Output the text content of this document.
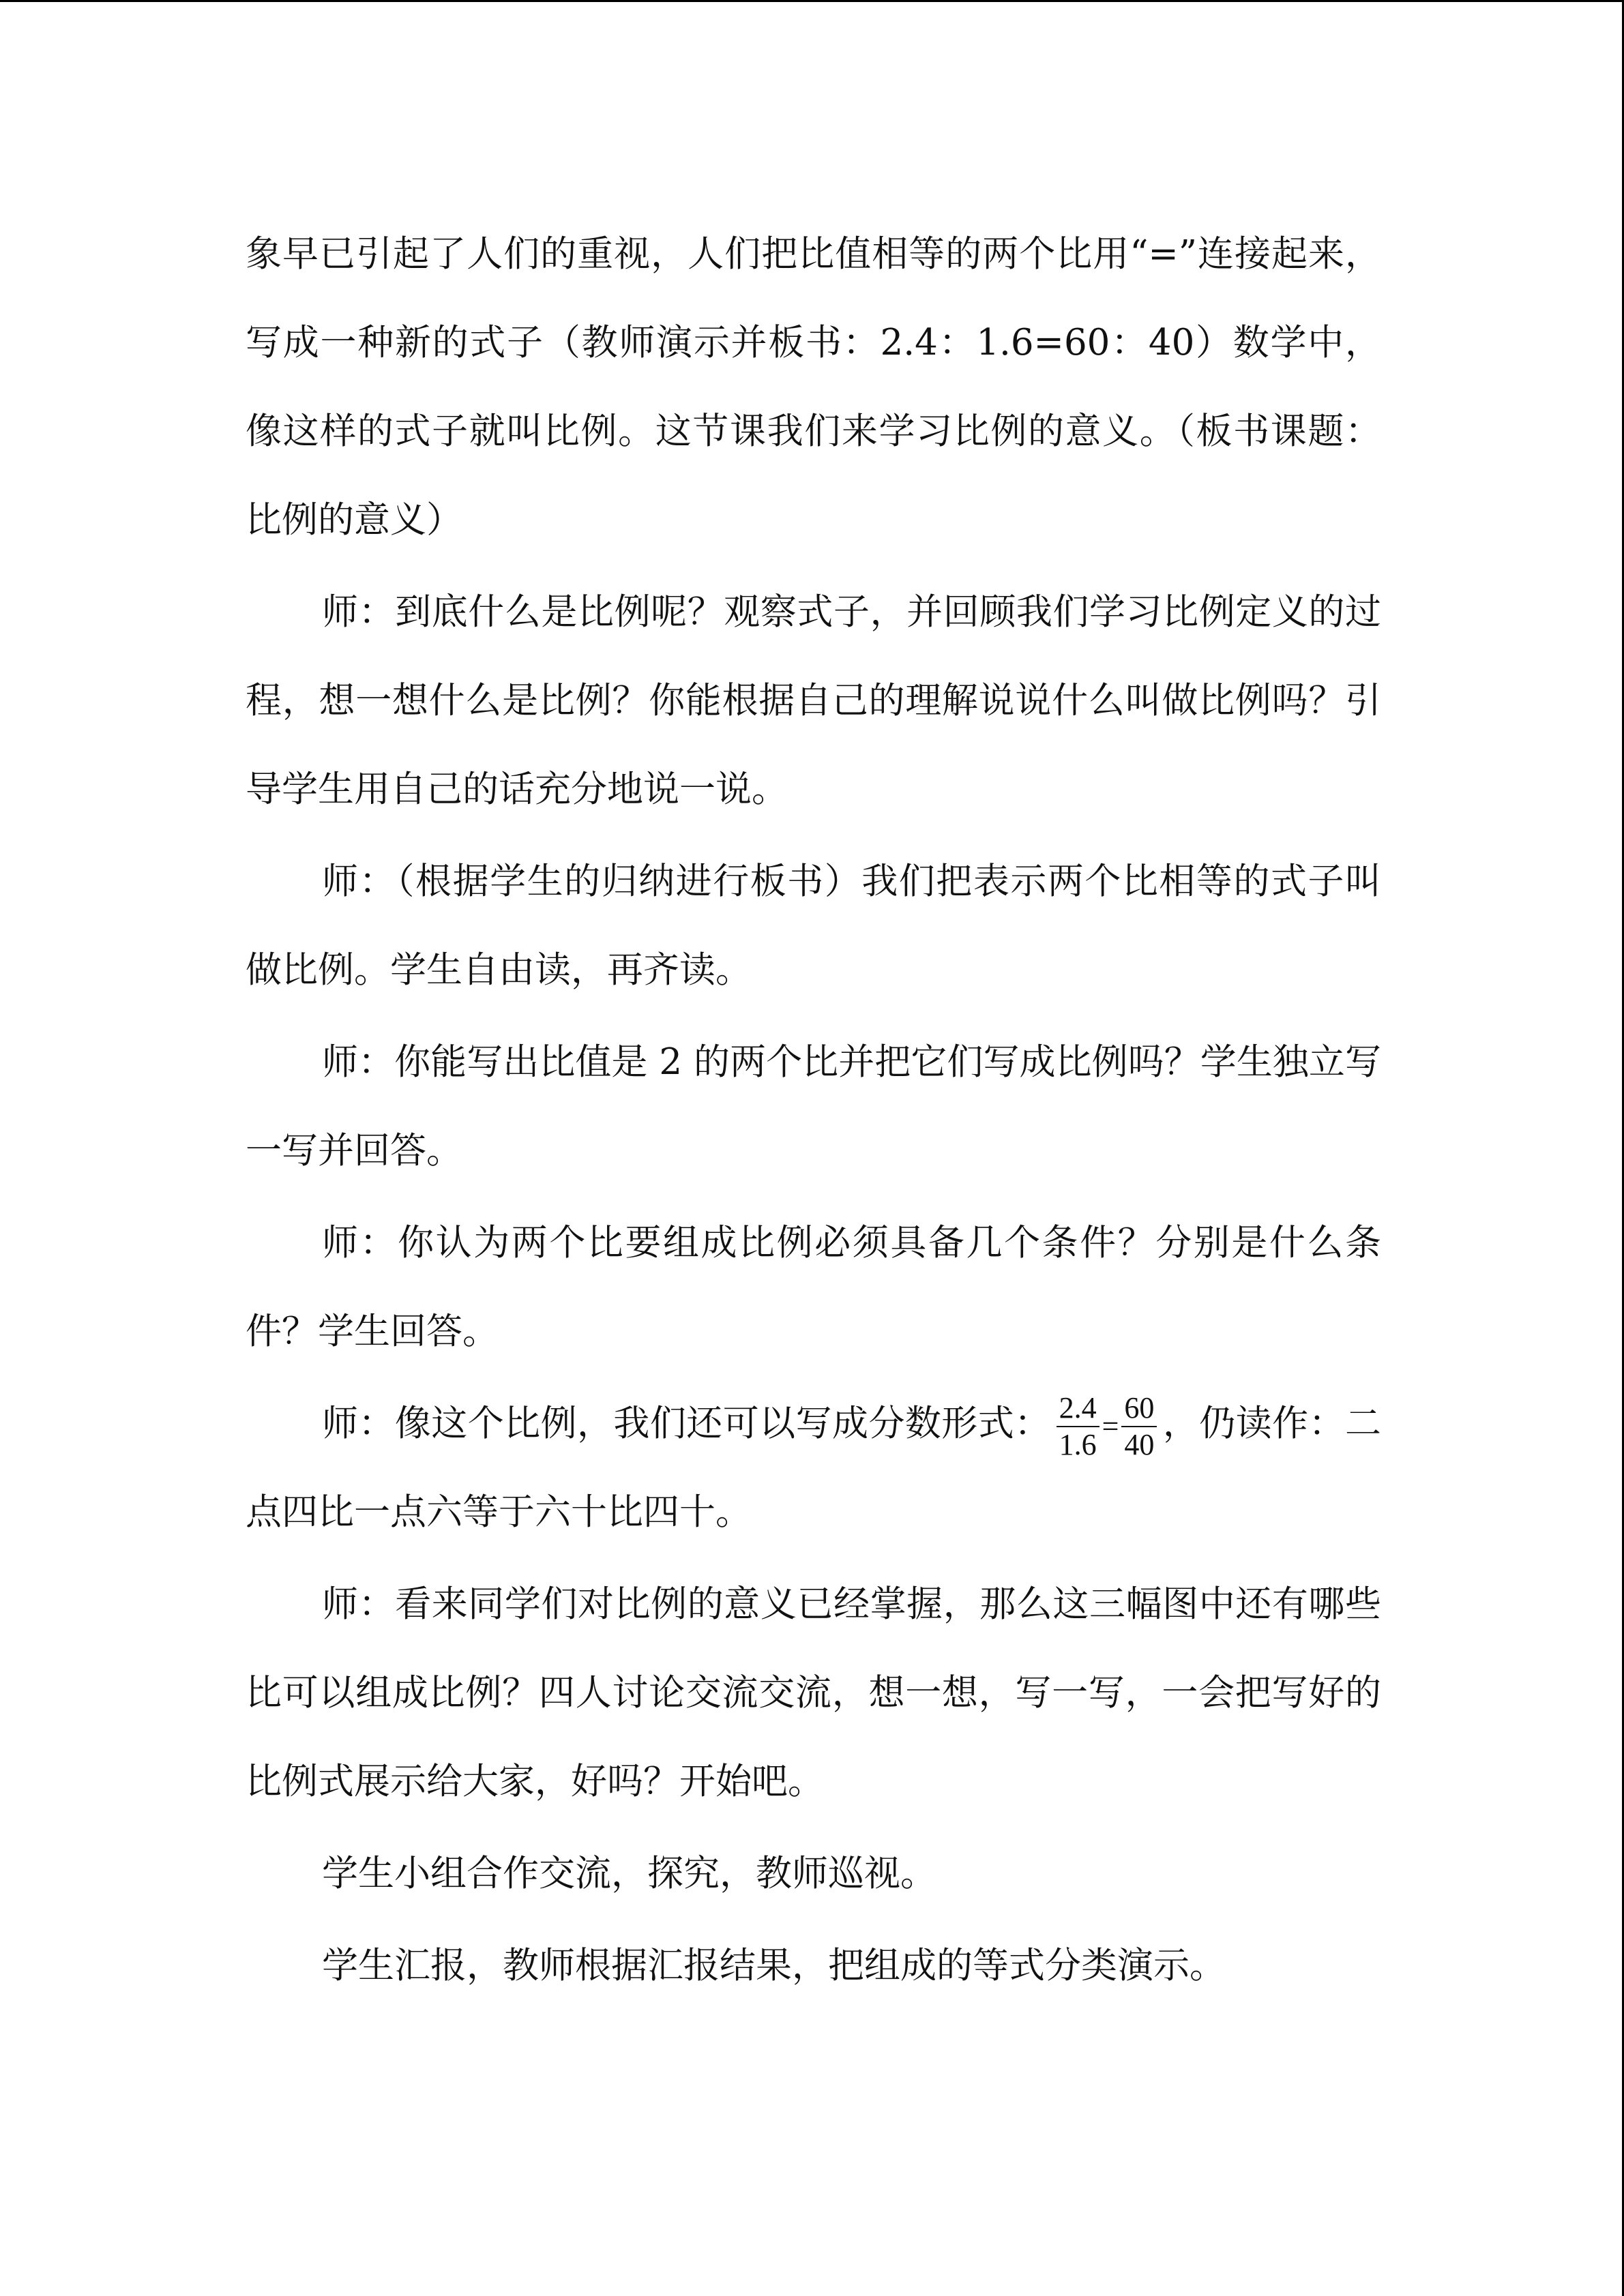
象早已引起了人们的重视，人们把比值相等的两个比用“=”连接起来，写成一种新的式子（教师演示并板书：2.4：1.6=60：40）数学中，像这样的式子就叫比例。这节课我们来学习比例的意义。（板书课题：比例的意义）

师：到底什么是比例呢？观察式子，并回顾我们学习比例定义的过程，想一想什么是比例？你能根据自己的理解说说什么叫做比例吗？引导学生用自己的话充分地说一说。

师：（根据学生的归纳进行板书）我们把表示两个比相等的式子叫做比例。学生自由读，再齐读。

师：你能写出比值是 2 的两个比并把它们写成比例吗？学生独立写一写并回答。

师：你认为两个比要组成比例必须具备几个条件？分别是什么条件？学生回答。

师：像这个比例，我们还可以写成分数形式： $\frac{2.4}{1.6} = \frac{60}{40}$ ，仍读作：二点四比一点六等于六十比四十。

师：看来同学们对比例的意义已经掌握，那么这三幅图中还有哪些比可以组成比例？四人讨论交流交流，想一想，写一写，一会把写好的比例式展示给大家，好吗？开始吧。

学生小组合作交流，探究，教师巡视。

学生汇报，教师根据汇报结果，把组成的等式分类演示。
